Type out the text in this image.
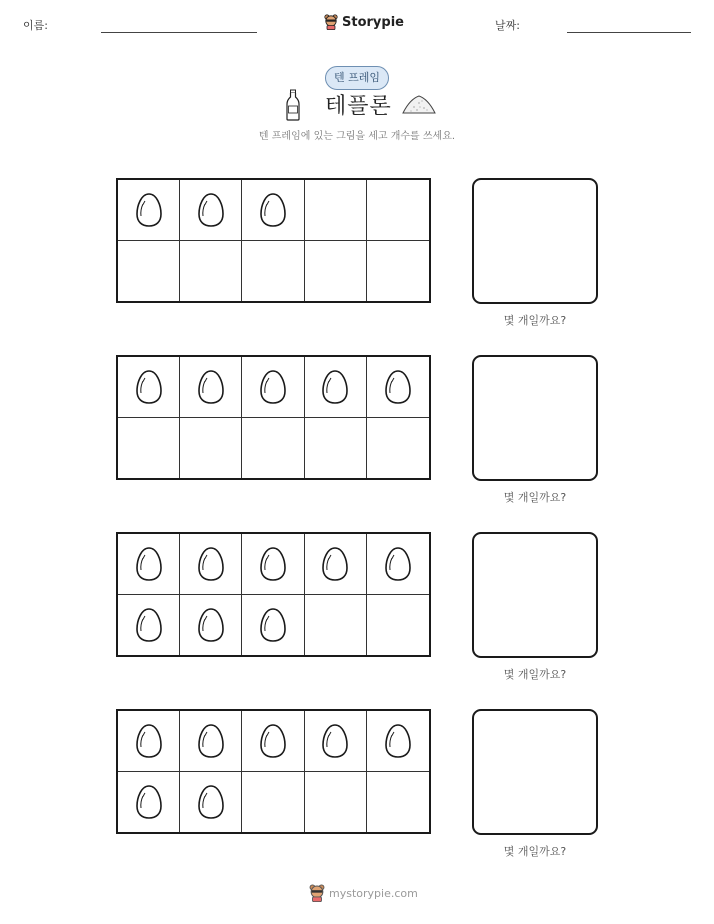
이름:	Storypie	날짜:
텐 프레임
테플론
텐 프레임에 있는 그림을 세고 개수를 쓰세요.
몇 개일까요?
몇 개일까요?
몇 개일까요?
몇 개일까요?
mystorypie.com
